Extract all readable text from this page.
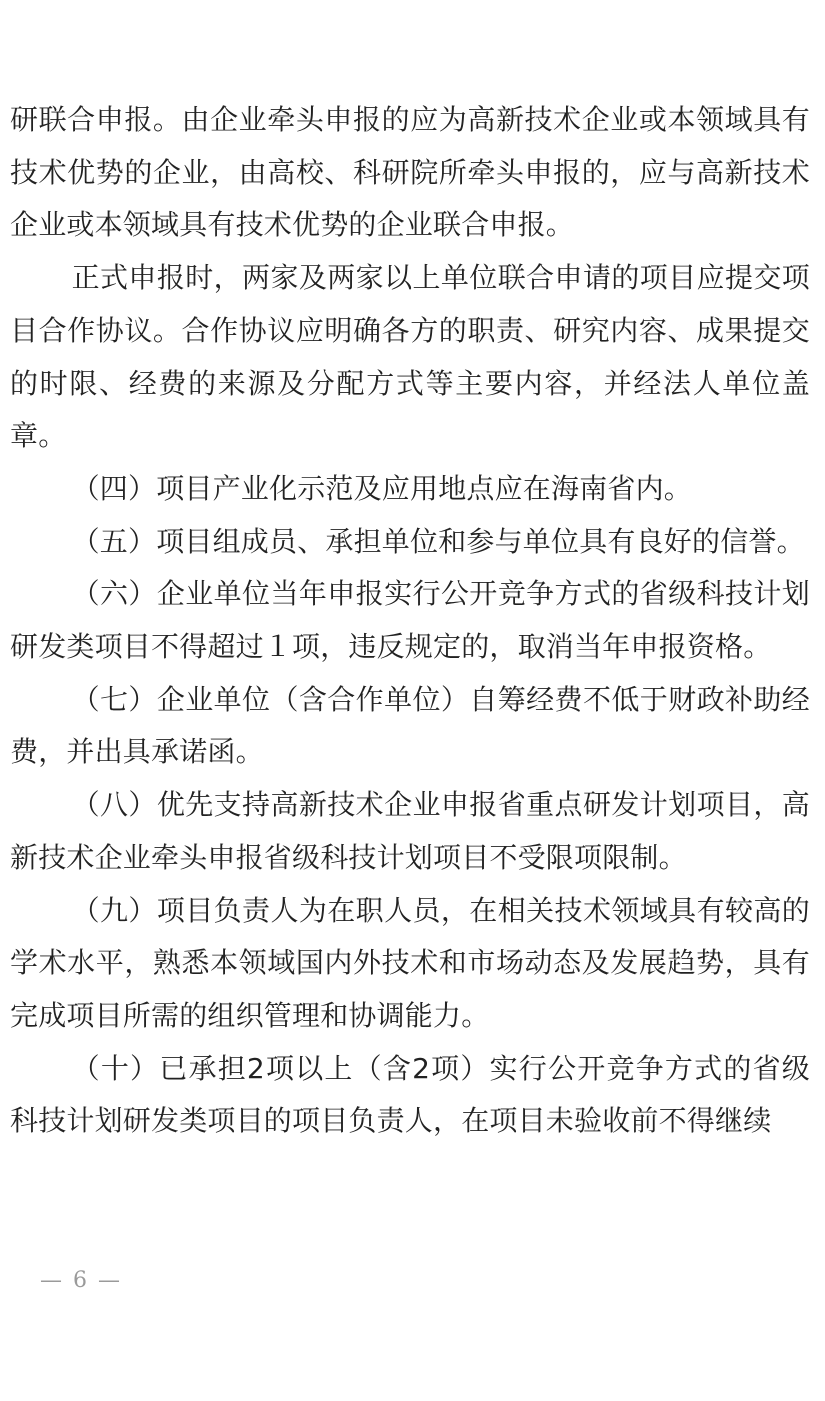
研联合申报。由企业牵头申报的应为高新技术企业或本领域具有技术优势的企业，由高校、科研院所牵头申报的，应与高新技术企业或本领域具有技术优势的企业联合申报。

正式申报时，两家及两家以上单位联合申请的项目应提交项目合作协议。合作协议应明确各方的职责、研究内容、成果提交的时限、经费的来源及分配方式等主要内容，并经法人单位盖章。

（四）项目产业化示范及应用地点应在海南省内。

（五）项目组成员、承担单位和参与单位具有良好的信誉。

（六）企业单位当年申报实行公开竞争方式的省级科技计划研发类项目不得超过１项，违反规定的，取消当年申报资格。

（七）企业单位（含合作单位）自筹经费不低于财政补助经费，并出具承诺函。

（八）优先支持高新技术企业申报省重点研发计划项目，高新技术企业牵头申报省级科技计划项目不受限项限制。

（九）项目负责人为在职人员，在相关技术领域具有较高的学术水平，熟悉本领域国内外技术和市场动态及发展趋势，具有完成项目所需的组织管理和协调能力。

（十）已承担2项以上（含2项）实行公开竞争方式的省级科技计划研发类项目的项目负责人，在项目未验收前不得继续

— 6 —
